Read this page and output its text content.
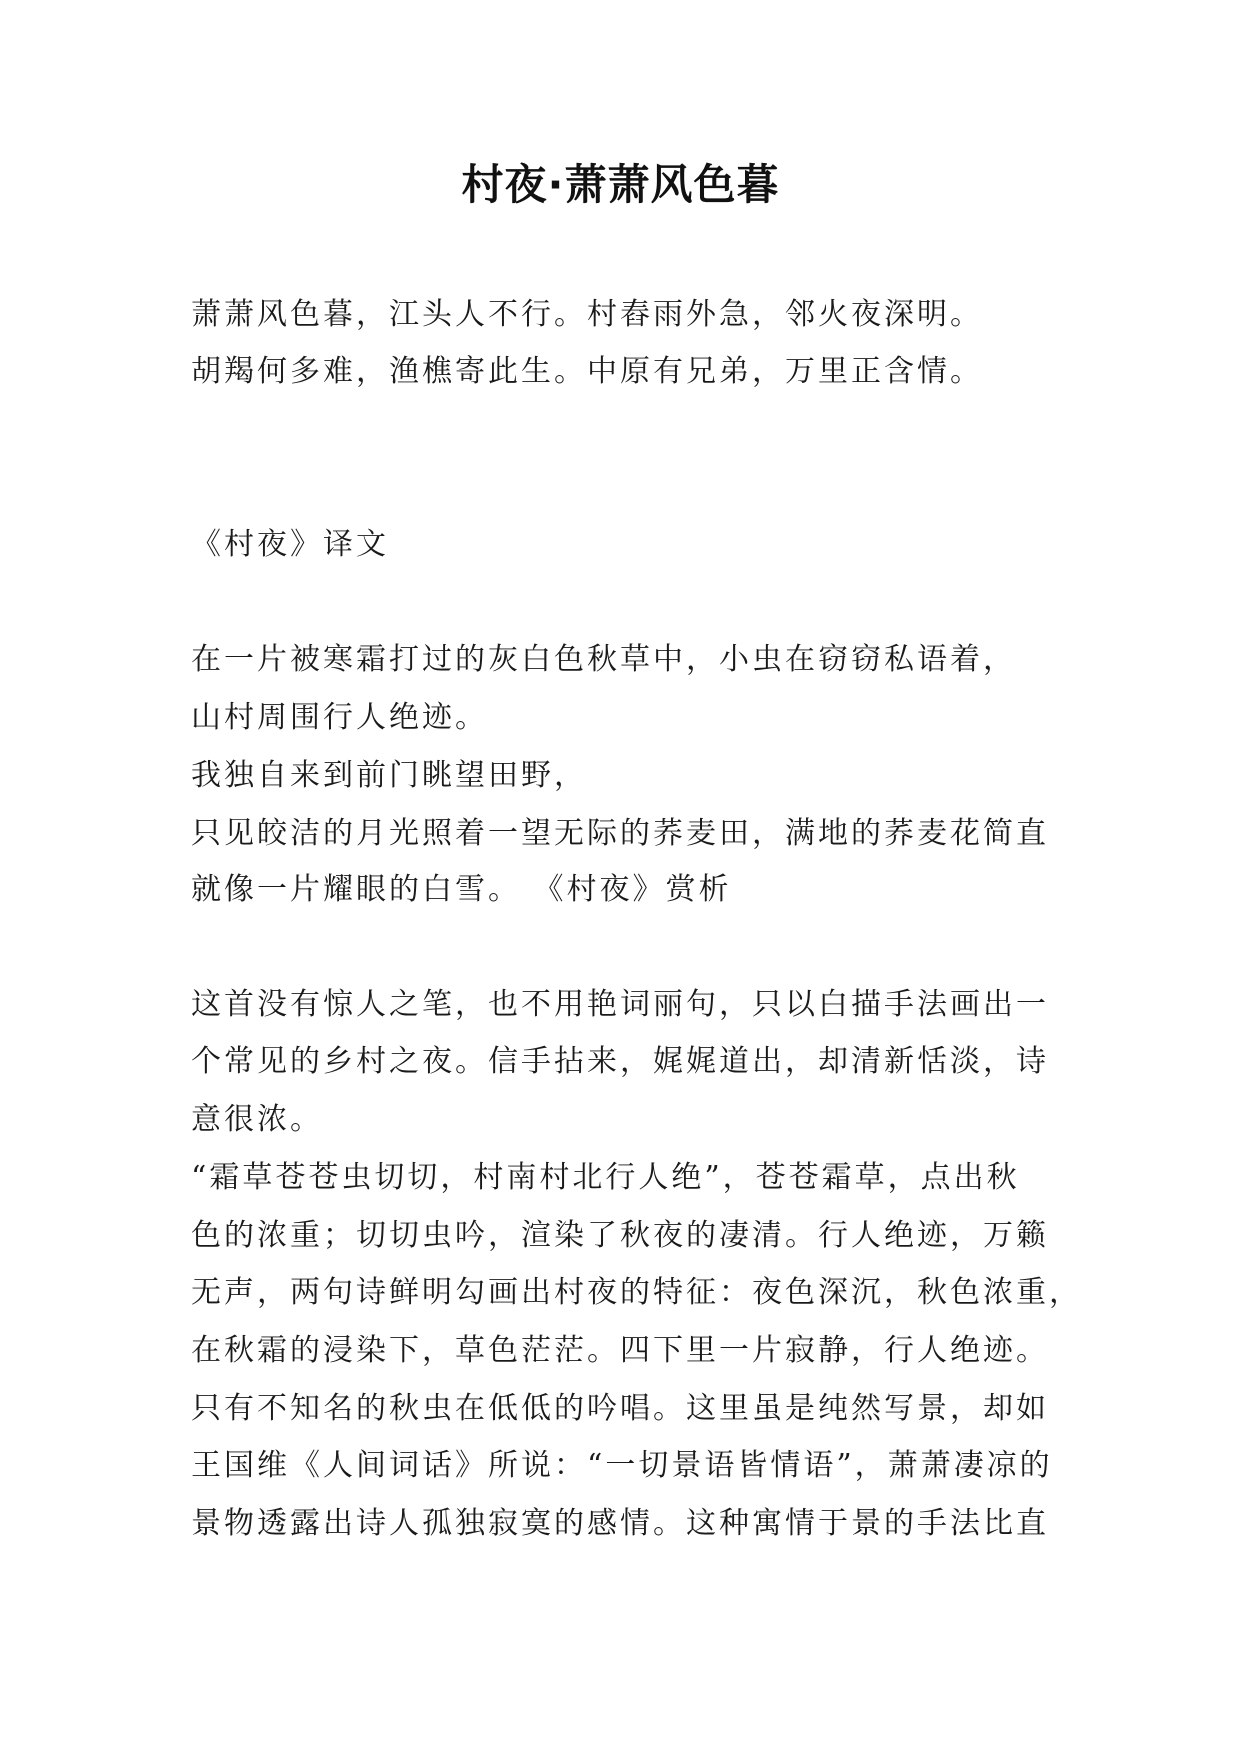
村夜·萧萧风色暮

萧萧风色暮，江头人不行。村舂雨外急，邻火夜深明。

胡羯何多难，渔樵寄此生。中原有兄弟，万里正含情。

《村夜》译文

在一片被寒霜打过的灰白色秋草中，小虫在窃窃私语着，

山村周围行人绝迹。

我独自来到前门眺望田野，

只见皎洁的月光照着一望无际的荞麦田，满地的荞麦花简直

就像一片耀眼的白雪。 《村夜》赏析

这首没有惊人之笔，也不用艳词丽句，只以白描手法画出一

个常见的乡村之夜。信手拈来，娓娓道出，却清新恬淡，诗

意很浓。

“霜草苍苍虫切切，村南村北行人绝”，苍苍霜草，点出秋

色的浓重；切切虫吟，渲染了秋夜的凄清。行人绝迹，万籁

无声，两句诗鲜明勾画出村夜的特征：夜色深沉，秋色浓重，

在秋霜的浸染下，草色茫茫。四下里一片寂静，行人绝迹。

只有不知名的秋虫在低低的吟唱。这里虽是纯然写景，却如

王国维《人间词话》所说：“一切景语皆情语”，萧萧凄凉的

景物透露出诗人孤独寂寞的感情。这种寓情于景的手法比直
